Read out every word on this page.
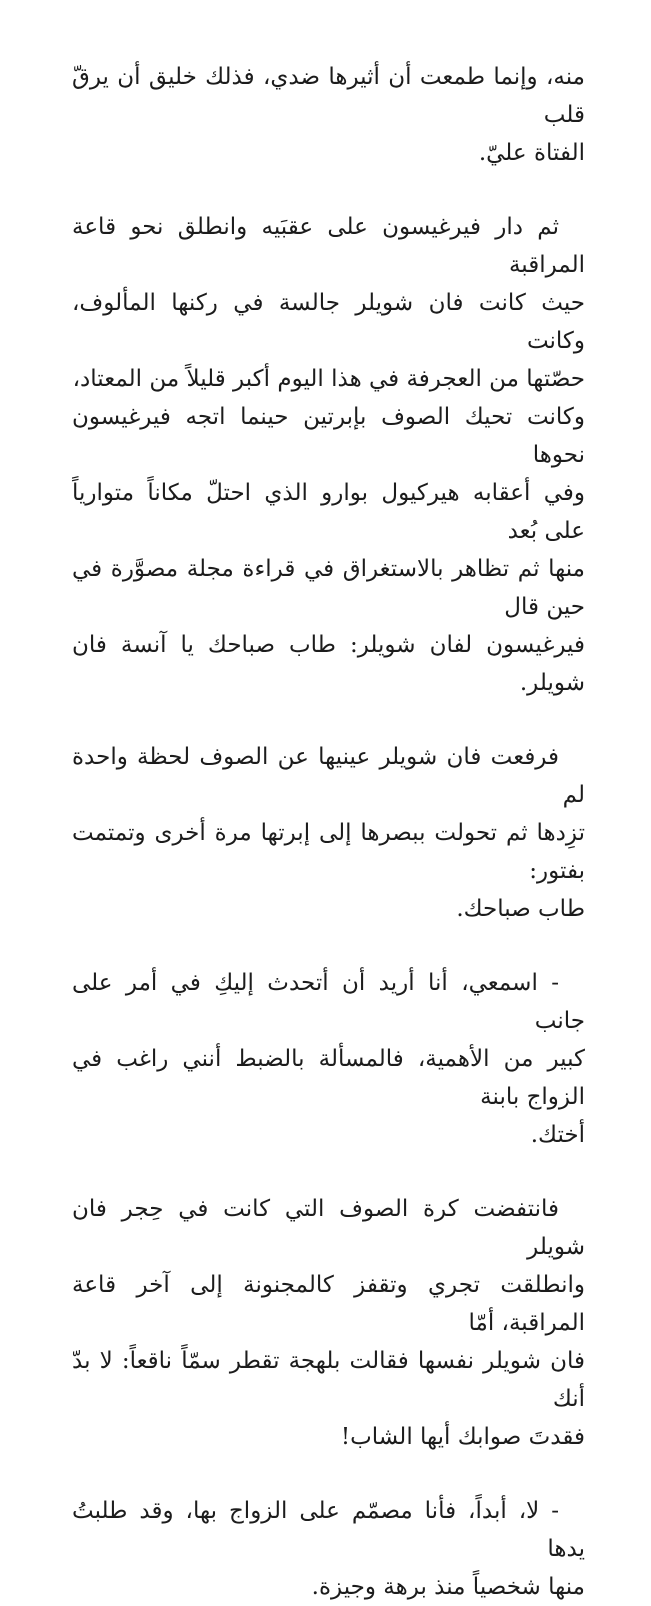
منه، وإنما طمعت أن أثيرها ضدي، فذلك خليق أن يرقّ قلب
الفتاة عليّ.

ثم دار فيرغيسون على عقبَيه وانطلق نحو قاعة المراقبة
حيث كانت فان شويلر جالسة في ركنها المألوف، وكانت
حصّتها من العجرفة في هذا اليوم أكبر قليلاً من المعتاد،
وكانت تحيك الصوف بإبرتين حينما اتجه فيرغيسون نحوها
وفي أعقابه هيركيول بوارو الذي احتلّ مكاناً متوارياً على بُعد
منها ثم تظاهر بالاستغراق في قراءة مجلة مصوَّرة في حين قال
فيرغيسون لفان شويلر: طاب صباحك يا آنسة فان شويلر.

فرفعت فان شويلر عينيها عن الصوف لحظة واحدة لم
تزِدها ثم تحولت ببصرها إلى إبرتها مرة أخرى وتمتمت بفتور:
طاب صباحك.

- اسمعي، أنا أريد أن أتحدث إليكِ في أمر على جانب
كبير من الأهمية، فالمسألة بالضبط أنني راغب في الزواج بابنة
أختك.

فانتفضت كرة الصوف التي كانت في حِجر فان شويلر
وانطلقت تجري وتقفز كالمجنونة إلى آخر قاعة المراقبة، أمّا
فان شويلر نفسها فقالت بلهجة تقطر سمّاً ناقعاً: لا بدّ أنك
فقدتَ صوابك أيها الشاب!

- لا، أبداً، فأنا مصمّم على الزواج بها، وقد طلبتُ يدها
منها شخصياً منذ برهة وجيزة.
